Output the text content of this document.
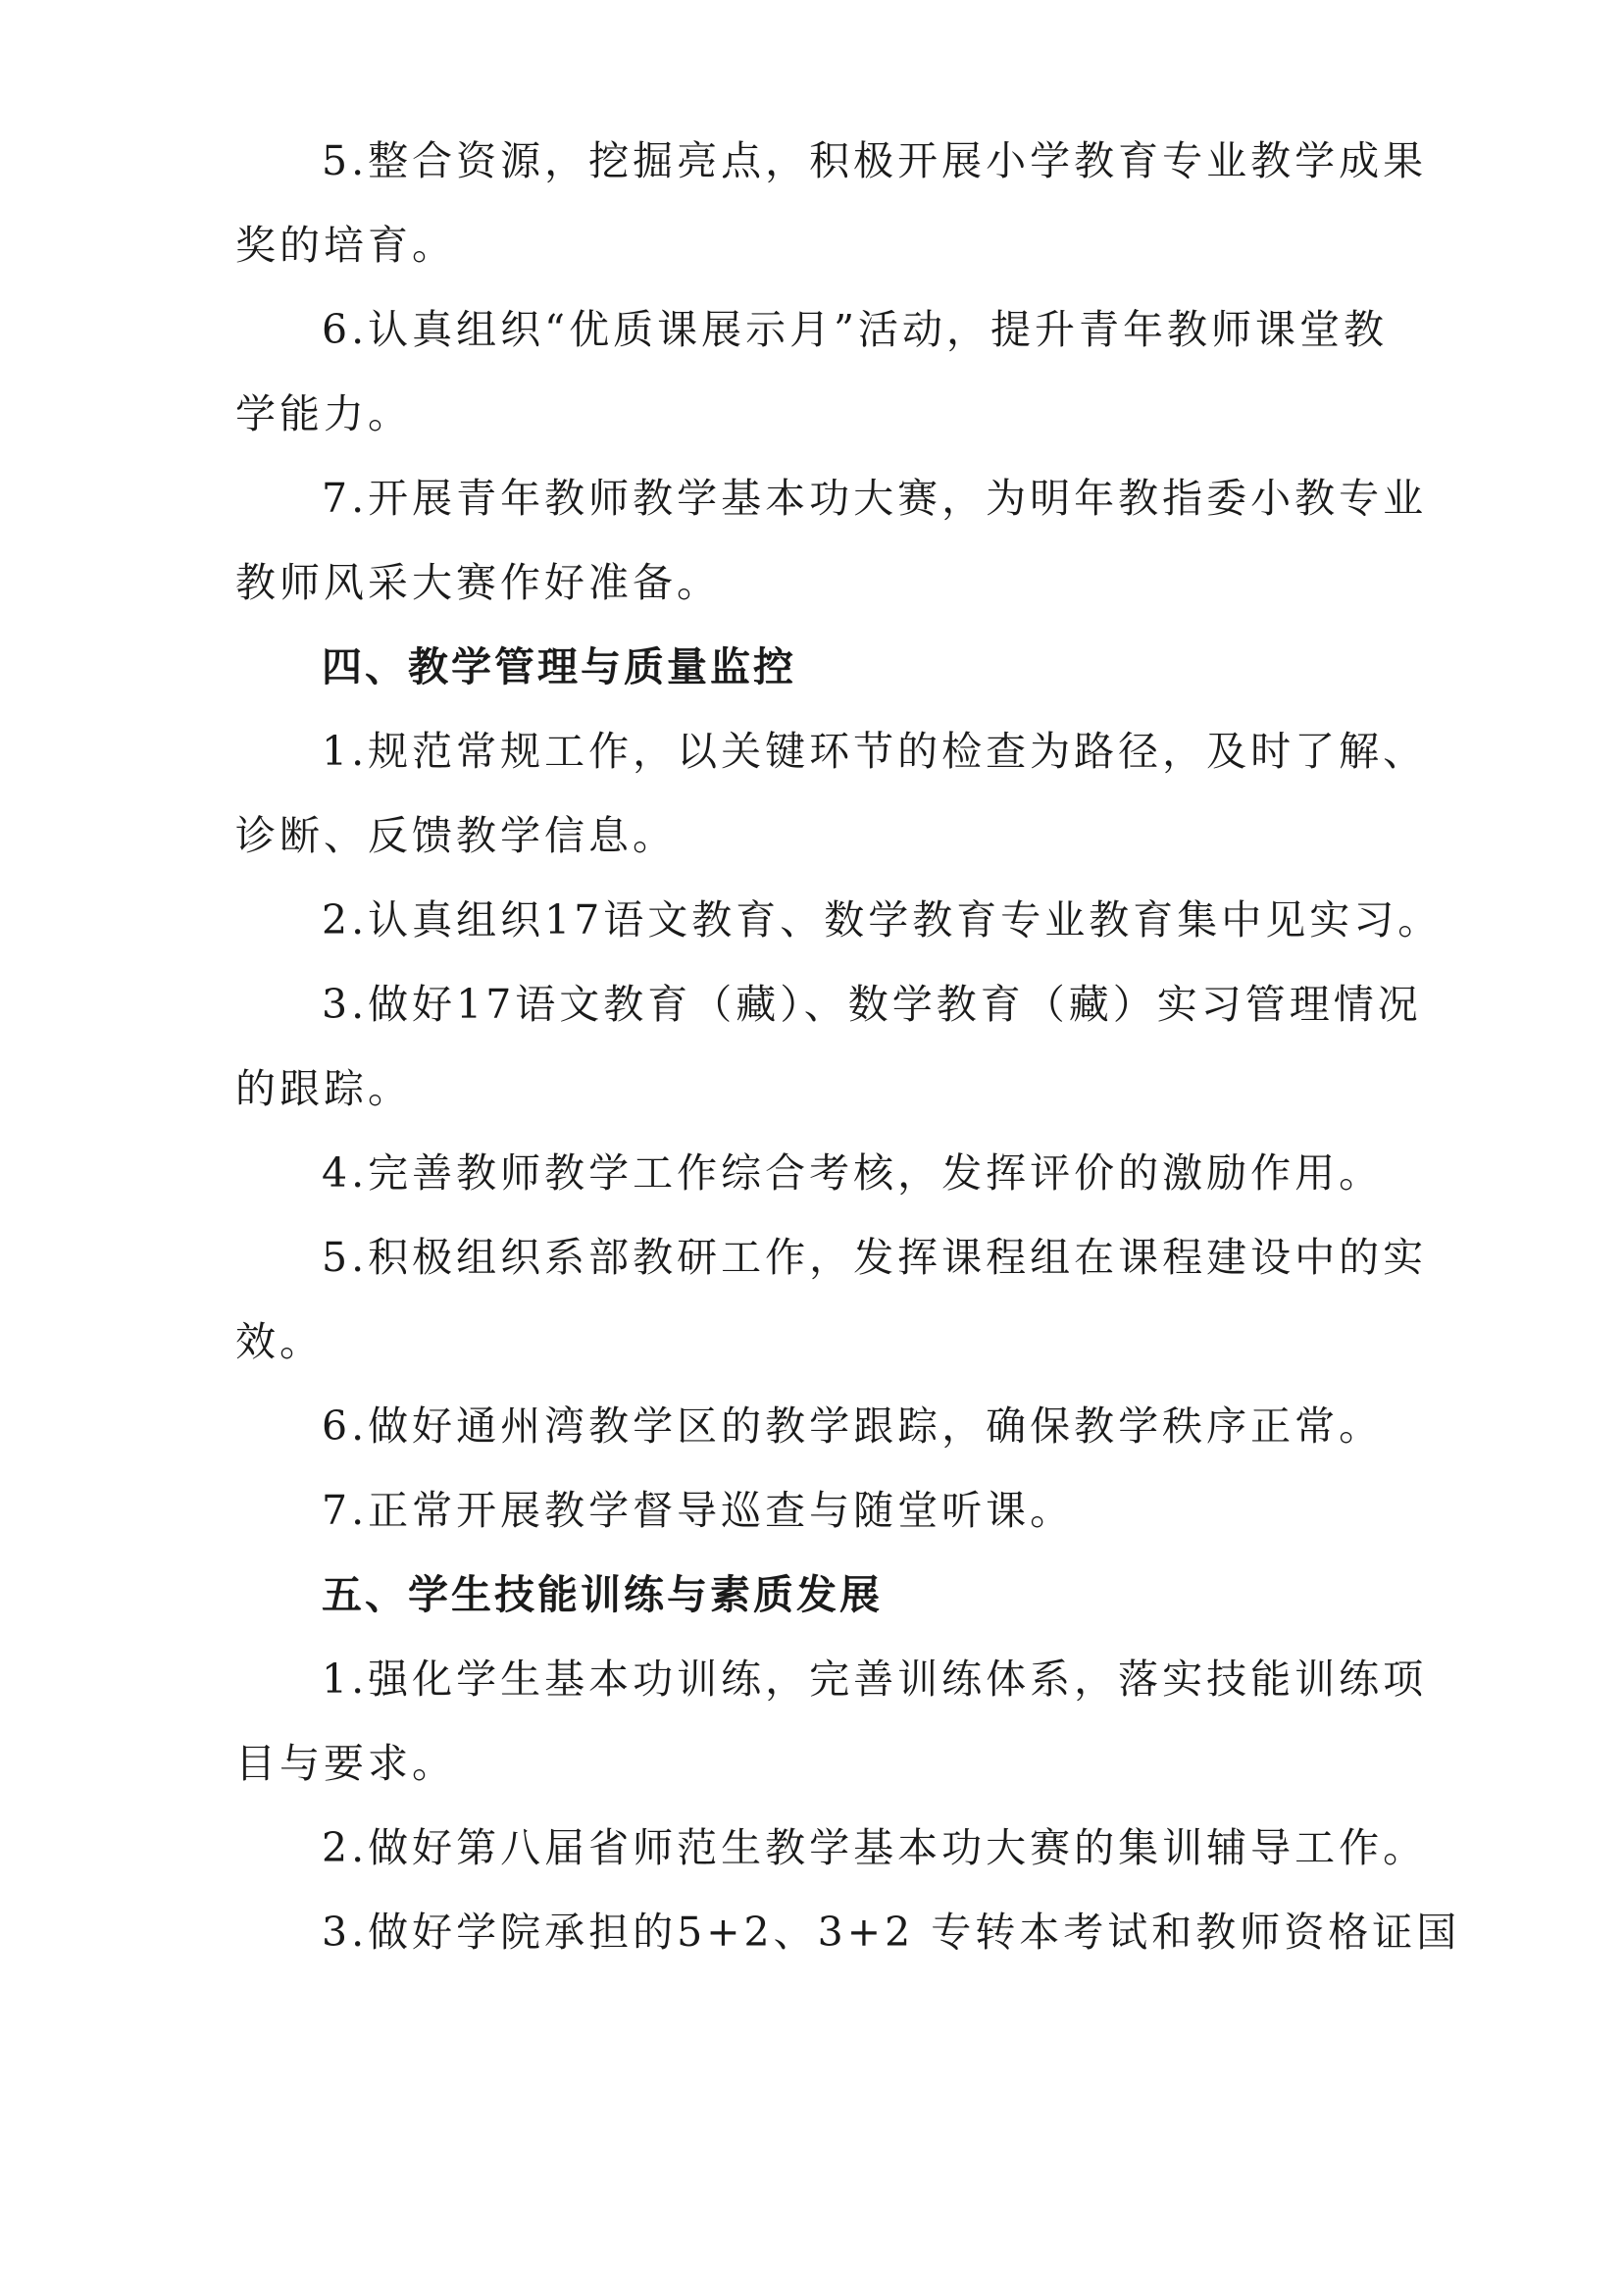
5.整合资源，挖掘亮点，积极开展小学教育专业教学成果
奖的培育。
6.认真组织“优质课展示月”活动，提升青年教师课堂教
学能力。
7.开展青年教师教学基本功大赛，为明年教指委小教专业
教师风采大赛作好准备。
四、教学管理与质量监控
1.规范常规工作，以关键环节的检查为路径，及时了解、
诊断、反馈教学信息。
2.认真组织17语文教育、数学教育专业教育集中见实习。
3.做好17语文教育（藏）、数学教育（藏）实习管理情况
的跟踪。
4.完善教师教学工作综合考核，发挥评价的激励作用。
5.积极组织系部教研工作，发挥课程组在课程建设中的实
效。
6.做好通州湾教学区的教学跟踪，确保教学秩序正常。
7.正常开展教学督导巡查与随堂听课。
五、学生技能训练与素质发展
1.强化学生基本功训练，完善训练体系，落实技能训练项
目与要求。
2.做好第八届省师范生教学基本功大赛的集训辅导工作。
3.做好学院承担的5+2、3+2 专转本考试和教师资格证国
